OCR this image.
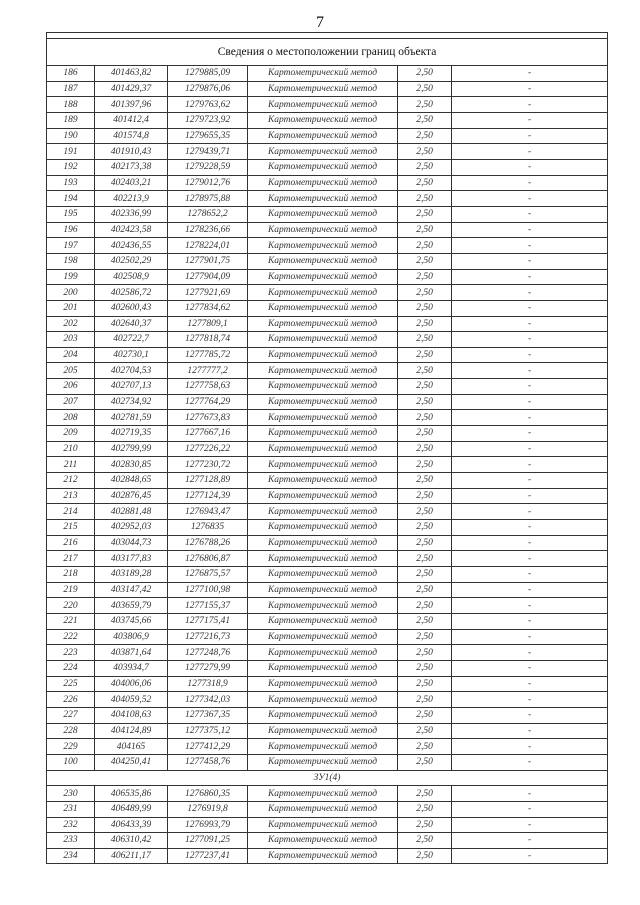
7

Сведения о местоположении границ объекта					
186	401463,82	1279885,09	Картометрический метод	2,50	-
187	401429,37	1279876,06	Картометрический метод	2,50	-
188	401397,96	1279763,62	Картометрический метод	2,50	-
189	401412,4	1279723,92	Картометрический метод	2,50	-
190	401574,8	1279655,35	Картометрический метод	2,50	-
191	401910,43	1279439,71	Картометрический метод	2,50	-
192	402173,38	1279228,59	Картометрический метод	2,50	-
193	402403,21	1279012,76	Картометрический метод	2,50	-
194	402213,9	1278975,88	Картометрический метод	2,50	-
195	402336,99	1278652,2	Картометрический метод	2,50	-
196	402423,58	1278236,66	Картометрический метод	2,50	-
197	402436,55	1278224,01	Картометрический метод	2,50	-
198	402502,29	1277901,75	Картометрический метод	2,50	-
199	402508,9	1277904,09	Картометрический метод	2,50	-
200	402586,72	1277921,69	Картометрический метод	2,50	-
201	402600,43	1277834,62	Картометрический метод	2,50	-
202	402640,37	1277809,1	Картометрический метод	2,50	-
203	402722,7	1277818,74	Картометрический метод	2,50	-
204	402730,1	1277785,72	Картометрический метод	2,50	-
205	402704,53	1277777,2	Картометрический метод	2,50	-
206	402707,13	1277758,63	Картометрический метод	2,50	-
207	402734,92	1277764,29	Картометрический метод	2,50	-
208	402781,59	1277673,83	Картометрический метод	2,50	-
209	402719,35	1277667,16	Картометрический метод	2,50	-
210	402799,99	1277226,22	Картометрический метод	2,50	-
211	402830,85	1277230,72	Картометрический метод	2,50	-
212	402848,65	1277128,89	Картометрический метод	2,50	-
213	402876,45	1277124,39	Картометрический метод	2,50	-
214	402881,48	1276943,47	Картометрический метод	2,50	-
215	402952,03	1276835	Картометрический метод	2,50	-
216	403044,73	1276788,26	Картометрический метод	2,50	-
217	403177,83	1276806,87	Картометрический метод	2,50	-
218	403189,28	1276875,57	Картометрический метод	2,50	-
219	403147,42	1277100,98	Картометрический метод	2,50	-
220	403659,79	1277155,37	Картометрический метод	2,50	-
221	403745,66	1277175,41	Картометрический метод	2,50	-
222	403806,9	1277216,73	Картометрический метод	2,50	-
223	403871,64	1277248,76	Картометрический метод	2,50	-
224	403934,7	1277279,99	Картометрический метод	2,50	-
225	404006,06	1277318,9	Картометрический метод	2,50	-
226	404059,52	1277342,03	Картометрический метод	2,50	-
227	404108,63	1277367,35	Картометрический метод	2,50	-
228	404124,89	1277375,12	Картометрический метод	2,50	-
229	404165	1277412,29	Картометрический метод	2,50	-
100	404250,41	1277458,76	Картометрический метод	2,50	-
ЗУ1(4)					
230	406535,86	1276860,35	Картометрический метод	2,50	-
231	406489,99	1276919,8	Картометрический метод	2,50	-
232	406433,39	1276993,79	Картометрический метод	2,50	-
233	406310,42	1277091,25	Картометрический метод	2,50	-
234	406211,17	1277237,41	Картометрический метод	2,50	-
